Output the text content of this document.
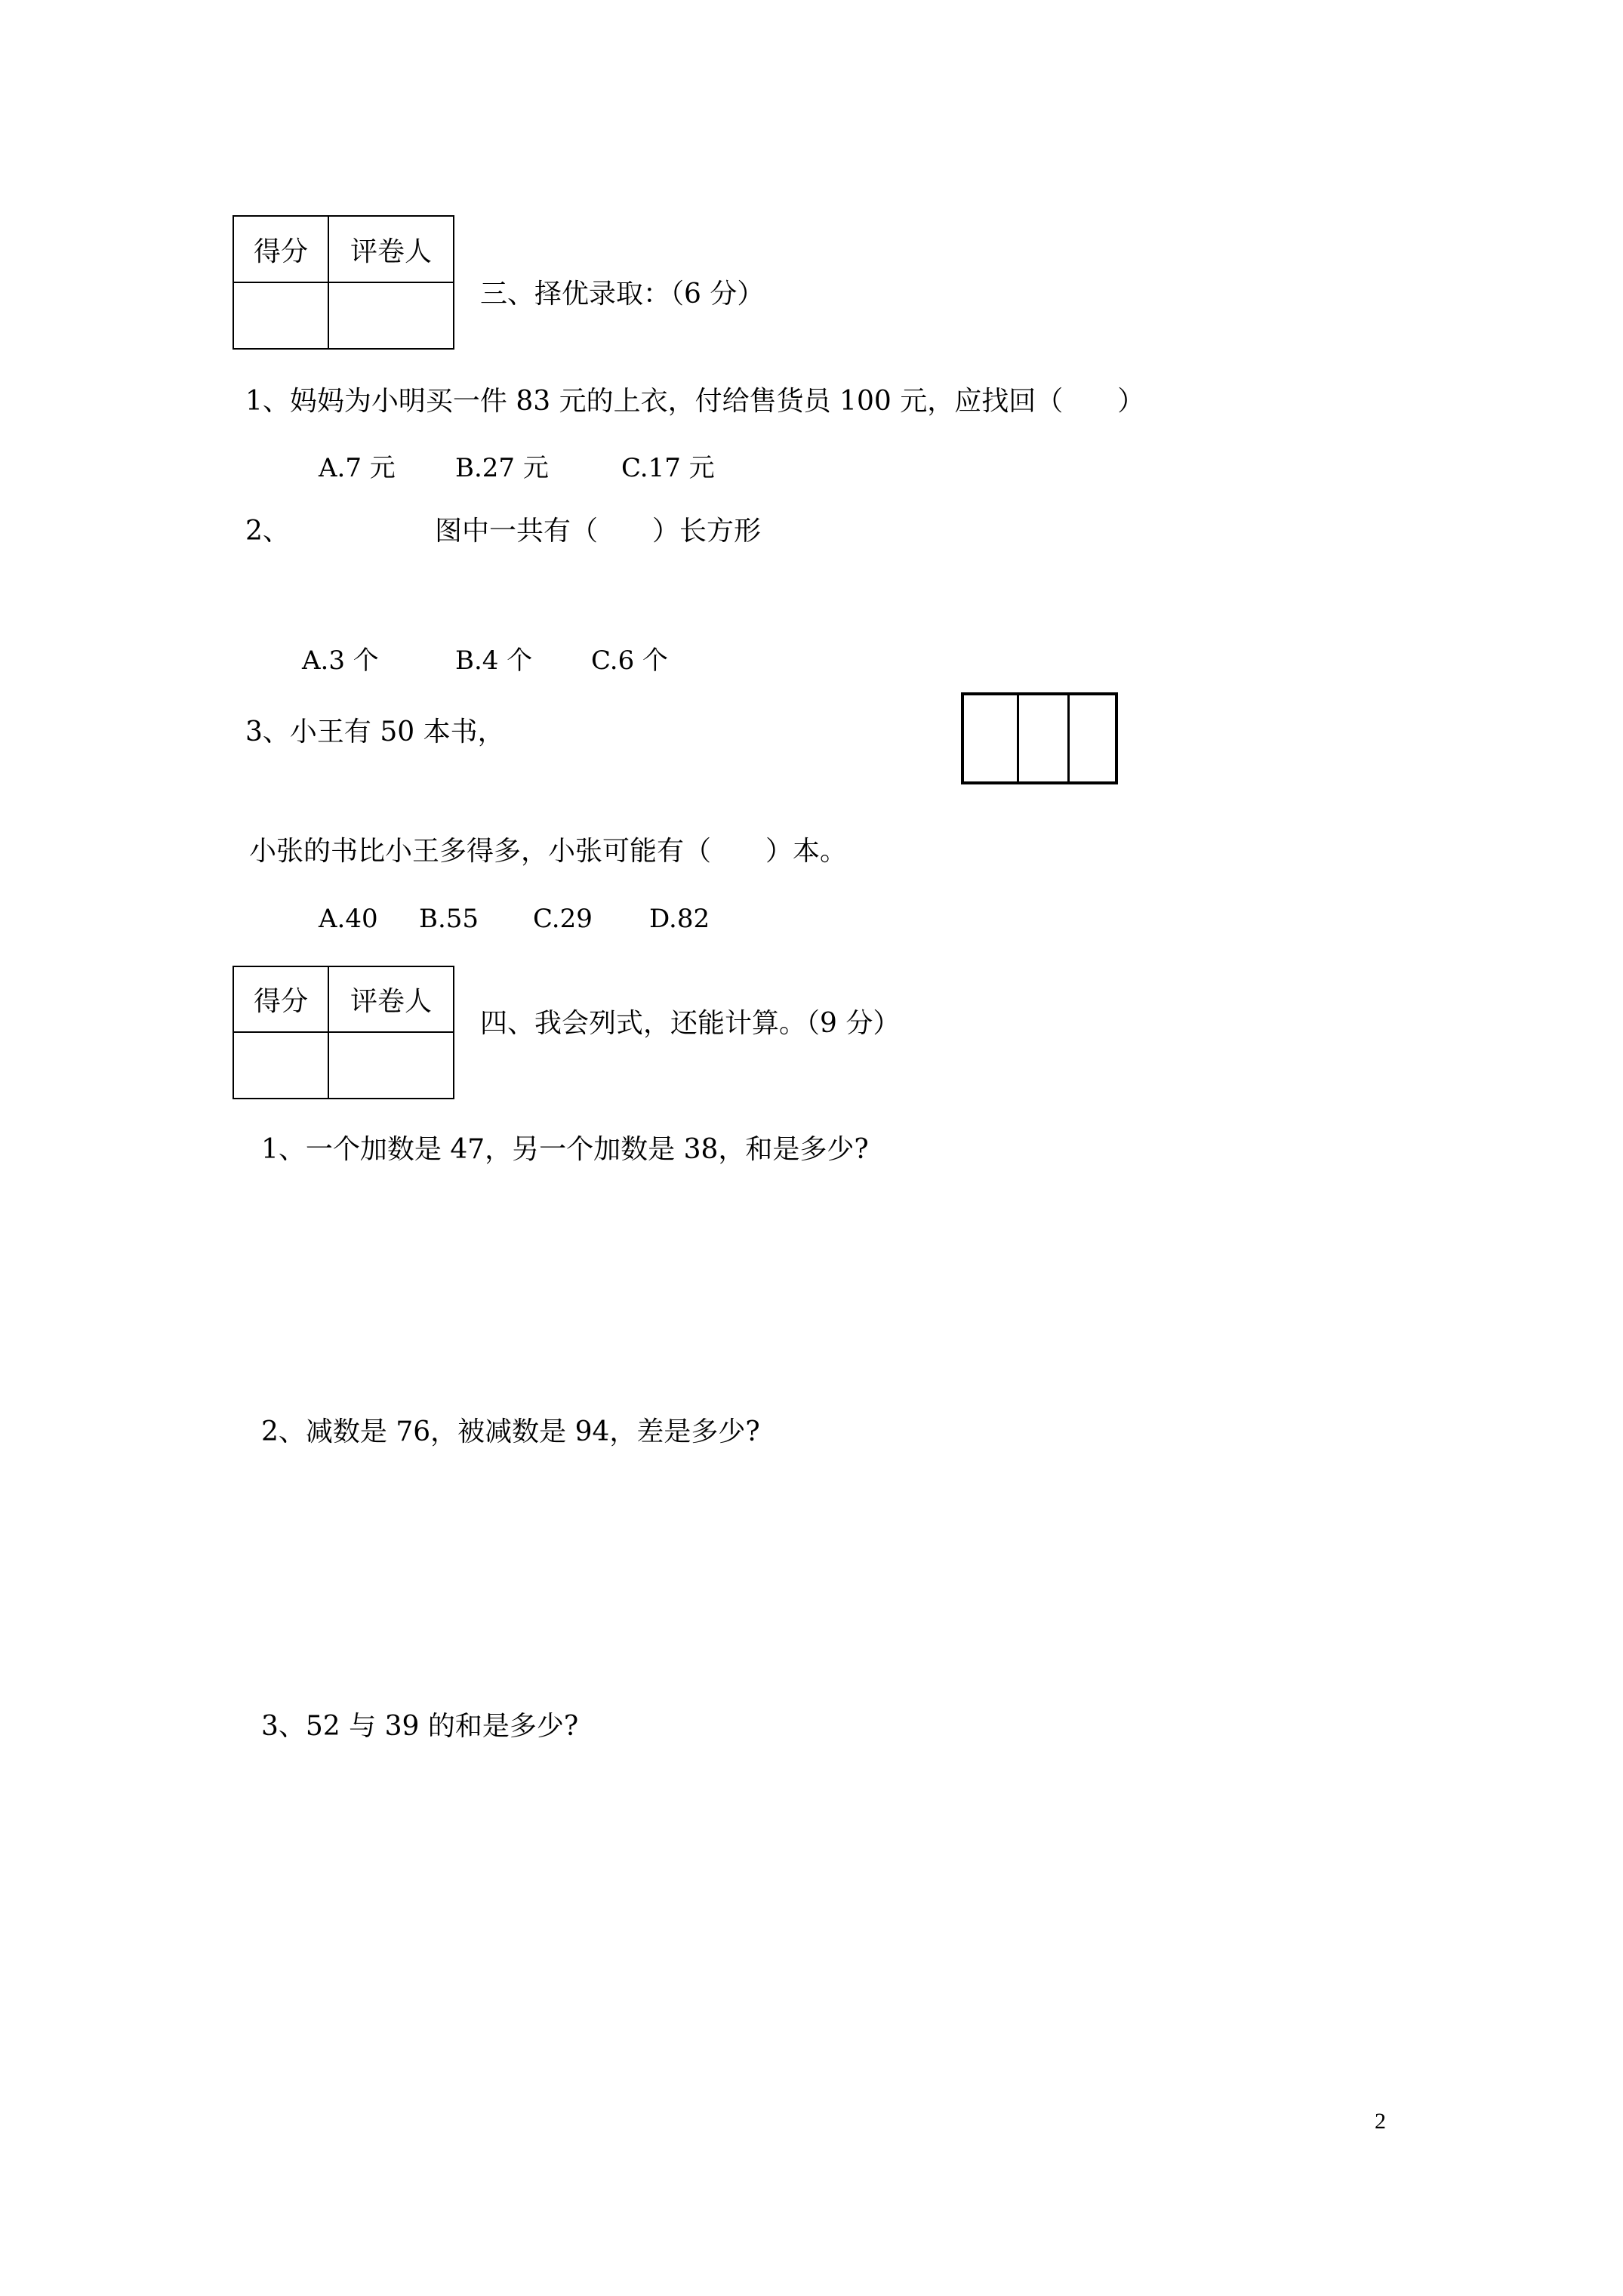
得分	评卷人

三、择优录取：（6 分）
1、妈妈为小明买一件 83 元的上衣，付给售货员 100 元，应找回（　　）
A.7 元 B.27 元	C.17 元
2、	图中一共有（　　）长方形
A.3 个	B.4 个 C.6 个
3、小王有 50 本书，
小张的书比小王多得多，小张可能有（　　）本。
A.40 B.55 C.29 D.82
得分	评卷人

四、我会列式，还能计算。（9 分）
1、一个加数是 47，另一个加数是 38，和是多少?
2、减数是 76，被减数是 94，差是多少?
3、52 与 39 的和是多少?
2
